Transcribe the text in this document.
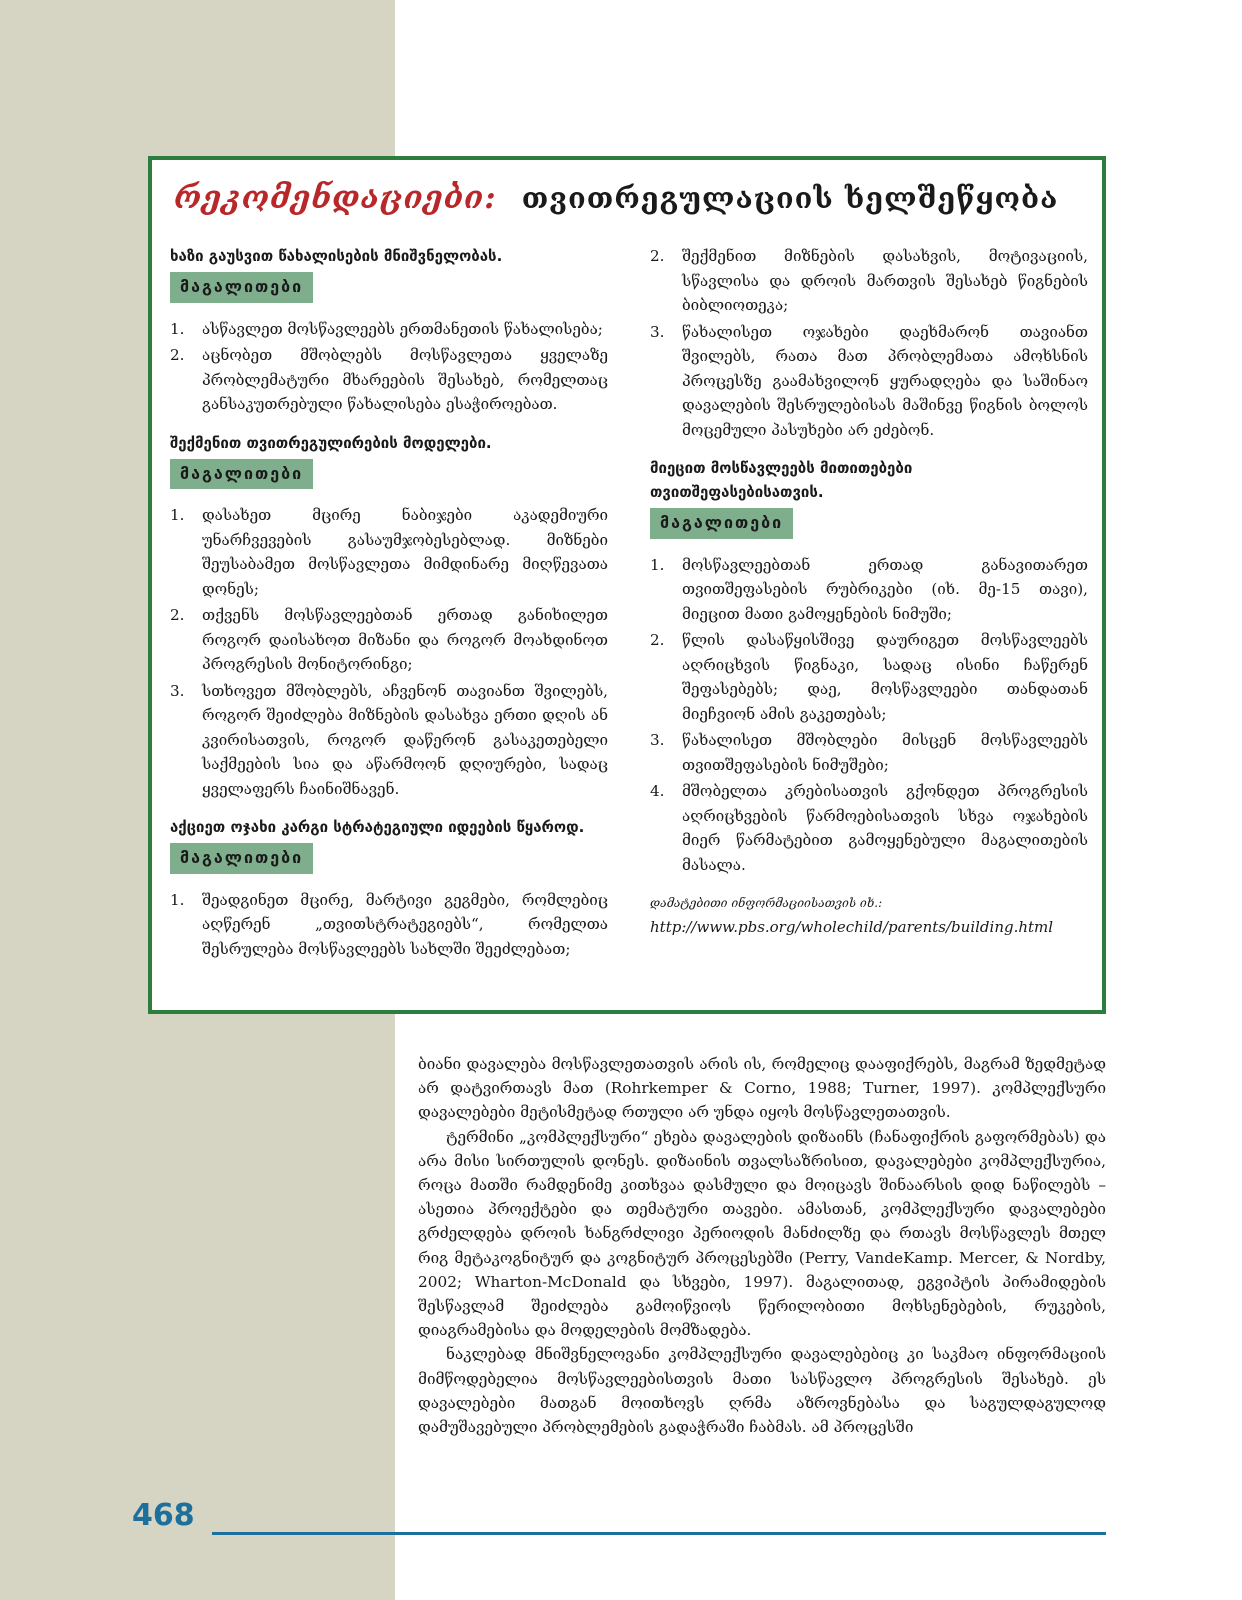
რეკომენდაციები: თვითრეგულაციის ხელშეწყობა
ხაზი გაუსვით წახალისების მნიშვნელობას.
მაგალითები
1. ასწავლეთ მოსწავლეებს ერთმანეთის წახალისება;
2. აცნობეთ მშობლებს მოსწავლეთა ყველაზე პრობლემატური მხარეების შესახებ, რომელთაც განსაკუთრებული წახალისება ესაჭიროებათ.
შექმენით თვითრეგულირების მოდელები.
მაგალითები
1. დასახეთ მცირე ნაბიჯები აკადემიური უნარჩვევების გასაუმჯობესებლად. მიზნები შეუსაბამეთ მოსწავლეთა მიმდინარე მიღწევათა დონეს;
2. თქვენს მოსწავლეებთან ერთად განიხილეთ როგორ დაისახოთ მიზანი და როგორ მოახდინოთ პროგრესის მონიტორინგი;
3. სთხოვეთ მშობლებს, აჩვენონ თავიანთ შვილებს, როგორ შეიძლება მიზნების დასახვა ერთი დღის ან კვირისათვის, როგორ დაწერონ გასაკეთებელი საქმეების სია და აწარმოონ დღიურები, სადაც ყველაფერს ჩაინიშნავენ.
აქციეთ ოჯახი კარგი სტრატეგიული იდეების წყაროდ.
მაგალითები
1. შეადგინეთ მცირე, მარტივი გეგმები, რომლებიც აღწერენ „თვითსტრატეგიებს“, რომელთა შესრულება მოსწავლეებს სახლში შეეძლებათ;
2. შექმენით მიზნების დასახვის, მოტივაციის, სწავლისა და დროის მართვის შესახებ წიგნების ბიბლიოთეკა;
3. წახალისეთ ოჯახები დაეხმარონ თავიანთ შვილებს, რათა მათ პრობლემათა ამოხსნის პროცესზე გაამახვილონ ყურადღება და საშინაო დავალების შესრულებისას მაშინვე წიგნის ბოლოს მოცემული პასუხები არ ეძებონ.
მიეცით მოსწავლეებს მითითებები თვითშეფასებისათვის.
მაგალითები
1. მოსწავლეებთან ერთად განავითარეთ თვითშეფასების რუბრიკები (იხ. მე-15 თავი), მიეცით მათი გამოყენების ნიმუში;
2. წლის დასაწყისშივე დაურიგეთ მოსწავლეებს აღრიცხვის წიგნაკი, სადაც ისინი ჩაწერენ შეფასებებს; დაე, მოსწავლეები თანდათან მიეჩვიონ ამის გაკეთებას;
3. წახალისეთ მშობლები მისცენ მოსწავლეებს თვითშეფასების ნიმუშები;
4. მშობელთა კრებისათვის გქონდეთ პროგრესის აღრიცხვების წარმოებისათვის სხვა ოჯახების მიერ წარმატებით გამოყენებული მაგალითების მასალა.
დამატებითი ინფორმაციისათვის იხ.: http://www.pbs.org/wholechild/parents/building.html

ბიანი დავალება მოსწავლეთათვის არის ის, რომელიც დააფიქრებს, მაგრამ ზედმეტად არ დატვირთავს მათ (Rohrkemper & Corno, 1988; Turner, 1997). კომპლექსური დავალებები მეტისმეტად რთული არ უნდა იყოს მოსწავლეთათვის.

ტერმინი „კომპლექსური“ ეხება დავალების დიზაინს (ჩანაფიქრის გაფორმებას) და არა მისი სირთულის დონეს. დიზაინის თვალსაზრისით, დავალებები კომპლექსურია, როცა მათში რამდენიმე კითხვაა დასმული და მოიცავს შინაარსის დიდ ნაწილებს – ასეთია პროექტები და თემატური თავები. ამასთან, კომპლექსური დავალებები გრძელდება დროის ხანგრძლივი პერიოდის მანძილზე და რთავს მოსწავლეს მთელ რიგ მეტაკოგნიტურ და კოგნიტურ პროცესებში (Perry, VandeKamp. Mercer, & Nordby, 2002; Wharton-McDonald და სხვები, 1997). მაგალითად, ეგვიპტის პირამიდების შესწავლამ შეიძლება გამოიწვიოს წერილობითი მოხსენებების, რუკების, დიაგრამებისა და მოდელების მომზადება.

ნაკლებად მნიშვნელოვანი კომპლექსური დავალებებიც კი საკმაო ინფორმაციის მიმწოდებელია მოსწავლეებისთვის მათი სასწავლო პროგრესის შესახებ. ეს დავალებები მათგან მოითხოვს ღრმა აზროვნებასა და საგულდაგულოდ დამუშავებული პრობლემების გადაჭრაში ჩაბმას. ამ პროცესში

468
